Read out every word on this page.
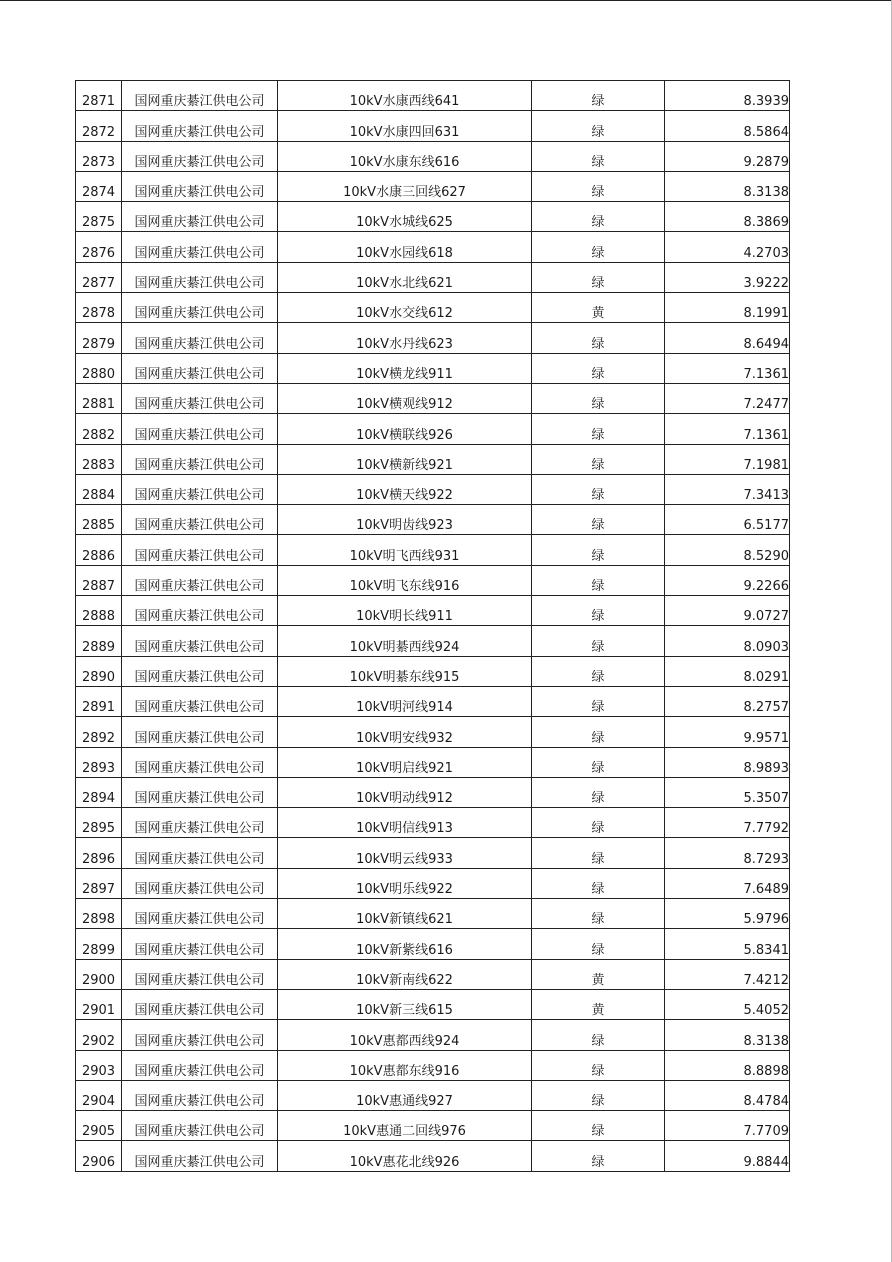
2871	国网重庆綦江供电公司	10kV水康西线641	绿	8.3939
2872	国网重庆綦江供电公司	10kV水康四回631	绿	8.5864
2873	国网重庆綦江供电公司	10kV水康东线616	绿	9.2879
2874	国网重庆綦江供电公司	10kV水康三回线627	绿	8.3138
2875	国网重庆綦江供电公司	10kV水城线625	绿	8.3869
2876	国网重庆綦江供电公司	10kV水园线618	绿	4.2703
2877	国网重庆綦江供电公司	10kV水北线621	绿	3.9222
2878	国网重庆綦江供电公司	10kV水交线612	黄	8.1991
2879	国网重庆綦江供电公司	10kV水丹线623	绿	8.6494
2880	国网重庆綦江供电公司	10kV横龙线911	绿	7.1361
2881	国网重庆綦江供电公司	10kV横观线912	绿	7.2477
2882	国网重庆綦江供电公司	10kV横联线926	绿	7.1361
2883	国网重庆綦江供电公司	10kV横新线921	绿	7.1981
2884	国网重庆綦江供电公司	10kV横天线922	绿	7.3413
2885	国网重庆綦江供电公司	10kV明齿线923	绿	6.5177
2886	国网重庆綦江供电公司	10kV明飞西线931	绿	8.5290
2887	国网重庆綦江供电公司	10kV明飞东线916	绿	9.2266
2888	国网重庆綦江供电公司	10kV明长线911	绿	9.0727
2889	国网重庆綦江供电公司	10kV明綦西线924	绿	8.0903
2890	国网重庆綦江供电公司	10kV明綦东线915	绿	8.0291
2891	国网重庆綦江供电公司	10kV明河线914	绿	8.2757
2892	国网重庆綦江供电公司	10kV明安线932	绿	9.9571
2893	国网重庆綦江供电公司	10kV明启线921	绿	8.9893
2894	国网重庆綦江供电公司	10kV明动线912	绿	5.3507
2895	国网重庆綦江供电公司	10kV明信线913	绿	7.7792
2896	国网重庆綦江供电公司	10kV明云线933	绿	8.7293
2897	国网重庆綦江供电公司	10kV明乐线922	绿	7.6489
2898	国网重庆綦江供电公司	10kV新镇线621	绿	5.9796
2899	国网重庆綦江供电公司	10kV新紫线616	绿	5.8341
2900	国网重庆綦江供电公司	10kV新南线622	黄	7.4212
2901	国网重庆綦江供电公司	10kV新三线615	黄	5.4052
2902	国网重庆綦江供电公司	10kV惠都西线924	绿	8.3138
2903	国网重庆綦江供电公司	10kV惠都东线916	绿	8.8898
2904	国网重庆綦江供电公司	10kV惠通线927	绿	8.4784
2905	国网重庆綦江供电公司	10kV惠通二回线976	绿	7.7709
2906	国网重庆綦江供电公司	10kV惠花北线926	绿	9.8844
